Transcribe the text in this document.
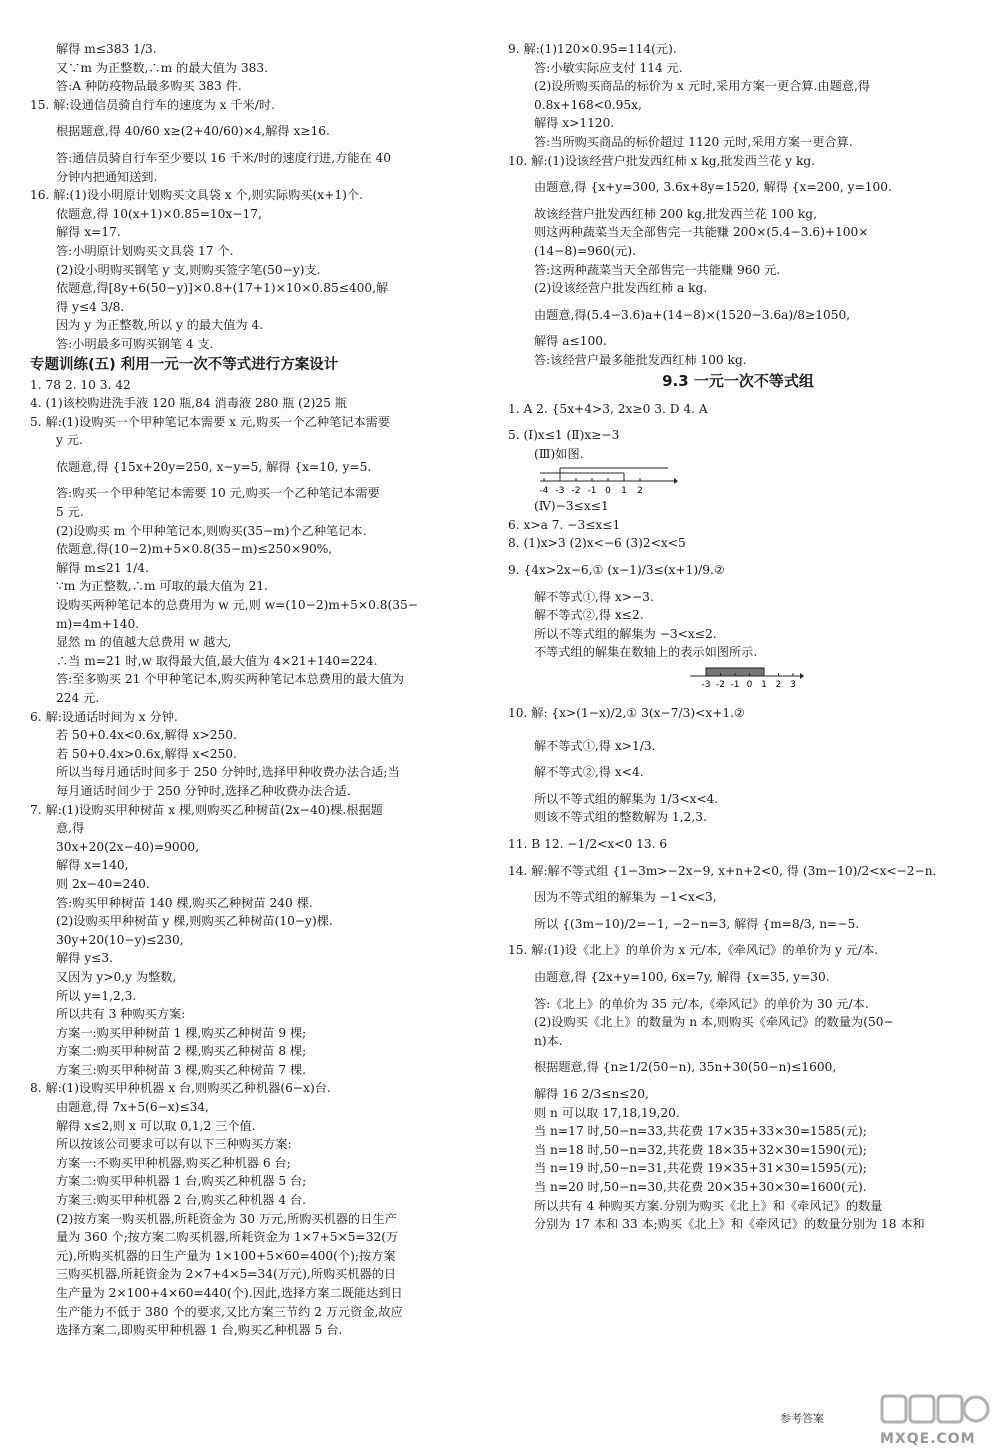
解得 m≤383 1/3.
又∵m 为正整数,∴m 的最大值为 383.
答:A 种防疫物品最多购买 383 件.
15. 解:设通信员骑自行车的速度为 x 千米/时.
根据题意,得 40/60 x≥(2+40/60)×4,解得 x≥16.
答:通信员骑自行车至少要以 16 千米/时的速度行进,方能在 40
分钟内把通知送到.
16. 解:(1)设小明原计划购买文具袋 x 个,则实际购买(x+1)个.
依题意,得 10(x+1)×0.85=10x−17,
解得 x=17.
答:小明原计划购买文具袋 17 个.
(2)设小明购买钢笔 y 支,则购买签字笔(50−y)支.
依题意,得[8y+6(50−y)]×0.8+(17+1)×10×0.85≤400,解
得 y≤4 3/8.
因为 y 为正整数,所以 y 的最大值为 4.
答:小明最多可购买钢笔 4 支.
专题训练(五) 利用一元一次不等式进行方案设计
1. 78 2. 10 3. 42
4. (1)该校购进洗手液 120 瓶,84 消毒液 280 瓶 (2)25 瓶
5. 解:(1)设购买一个甲种笔记本需要 x 元,购买一个乙种笔记本需要
y 元.
依题意,得 {15x+20y=250, x−y=5, 解得 {x=10, y=5.
答:购买一个甲种笔记本需要 10 元,购买一个乙种笔记本需要
5 元.
(2)设购买 m 个甲种笔记本,则购买(35−m)个乙种笔记本.
依题意,得(10−2)m+5×0.8(35−m)≤250×90%,
解得 m≤21 1/4.
∵m 为正整数,∴m 可取的最大值为 21.
设购买两种笔记本的总费用为 w 元,则 w=(10−2)m+5×0.8(35−
m)=4m+140.
显然 m 的值越大总费用 w 越大,
∴当 m=21 时,w 取得最大值,最大值为 4×21+140=224.
答:至多购买 21 个甲种笔记本,购买两种笔记本总费用的最大值为
224 元.
6. 解:设通话时间为 x 分钟.
若 50+0.4x<0.6x,解得 x>250.
若 50+0.4x>0.6x,解得 x<250.
所以当每月通话时间多于 250 分钟时,选择甲种收费办法合适;当
每月通话时间少于 250 分钟时,选择乙种收费办法合适.
7. 解:(1)设购买甲种树苗 x 棵,则购买乙种树苗(2x−40)棵.根据题
意,得
30x+20(2x−40)=9000,
解得 x=140,
则 2x−40=240.
答:购买甲种树苗 140 棵,购买乙种树苗 240 棵.
(2)设购买甲种树苗 y 棵,则购买乙种树苗(10−y)棵.
30y+20(10−y)≤230,
解得 y≤3.
又因为 y>0,y 为整数,
所以 y=1,2,3.
所以共有 3 种购买方案:
方案一:购买甲种树苗 1 棵,购买乙种树苗 9 棵;
方案二:购买甲种树苗 2 棵,购买乙种树苗 8 棵;
方案三:购买甲种树苗 3 棵,购买乙种树苗 7 棵.
8. 解:(1)设购买甲种机器 x 台,则购买乙种机器(6−x)台.
由题意,得 7x+5(6−x)≤34,
解得 x≤2,则 x 可以取 0,1,2 三个值.
所以按该公司要求可以有以下三种购买方案:
方案一:不购买甲种机器,购买乙种机器 6 台;
方案二:购买甲种机器 1 台,购买乙种机器 5 台;
方案三:购买甲种机器 2 台,购买乙种机器 4 台.
(2)按方案一购买机器,所耗资金为 30 万元,所购买机器的日生产
量为 360 个;按方案二购买机器,所耗资金为 1×7+5×5=32(万
元),所购买机器的日生产量为 1×100+5×60=400(个);按方案
三购买机器,所耗资金为 2×7+4×5=34(万元),所购买机器的日
生产量为 2×100+4×60=440(个).因此,选择方案二既能达到日
生产能力不低于 380 个的要求,又比方案三节约 2 万元资金,故应
选择方案二,即购买甲种机器 1 台,购买乙种机器 5 台.
9. 解:(1)120×0.95=114(元).
答:小敏实际应支付 114 元.
(2)设所购买商品的标价为 x 元时,采用方案一更合算.由题意,得
0.8x+168<0.95x,
解得 x>1120.
答:当所购买商品的标价超过 1120 元时,采用方案一更合算.
10. 解:(1)设该经营户批发西红柿 x kg,批发西兰花 y kg.
由题意,得 {x+y=300, 3.6x+8y=1520, 解得 {x=200, y=100.
故该经营户批发西红柿 200 kg,批发西兰花 100 kg,
则这两种蔬菜当天全部售完一共能赚 200×(5.4−3.6)+100×
(14−8)=960(元).
答:这两种蔬菜当天全部售完一共能赚 960 元.
(2)设该经营户批发西红柿 a kg.
由题意,得(5.4−3.6)a+(14−8)×(1520−3.6a)/8≥1050,
解得 a≤100.
答:该经营户最多能批发西红柿 100 kg.
9.3 一元一次不等式组
1. A 2. {5x+4>3, 2x≥0 3. D 4. A
5. (Ⅰ)x≤1 (Ⅱ)x≥−3
(Ⅲ)如图.
-4 -3 -2 -1 0 1 2
(Ⅳ)−3≤x≤1
6. x>a 7. −3≤x≤1
8. (1)x>3 (2)x<−6 (3)2<x<5
9. {4x>2x−6,① (x−1)/3≤(x+1)/9.②
解不等式①,得 x>−3.
解不等式②,得 x≤2.
所以不等式组的解集为 −3<x≤2.
不等式组的解集在数轴上的表示如图所示.
-3 -2 -1 0 1 2 3
10. 解: {x>(1−x)/2,① 3(x−7/3)<x+1.②
解不等式①,得 x>1/3.
解不等式②,得 x<4.
所以不等式组的解集为 1/3<x<4.
则该不等式组的整数解为 1,2,3.
11. B 12. −1/2<x<0 13. 6
14. 解:解不等式组 {1−3m>−2x−9, x+n+2<0, 得 (3m−10)/2<x<−2−n.
因为不等式组的解集为 −1<x<3,
所以 {(3m−10)/2=−1, −2−n=3, 解得 {m=8/3, n=−5.
15. 解:(1)设《北上》的单价为 x 元/本,《牵风记》的单价为 y 元/本.
由题意,得 {2x+y=100, 6x=7y, 解得 {x=35, y=30.
答:《北上》的单价为 35 元/本,《牵风记》的单价为 30 元/本.
(2)设购买《北上》的数量为 n 本,则购买《牵风记》的数量为(50−
n)本.
根据题意,得 {n≥1/2(50−n), 35n+30(50−n)≤1600,
解得 16 2/3≤n≤20,
则 n 可以取 17,18,19,20.
当 n=17 时,50−n=33,共花费 17×35+33×30=1585(元);
当 n=18 时,50−n=32,共花费 18×35+32×30=1590(元);
当 n=19 时,50−n=31,共花费 19×35+31×30=1595(元);
当 n=20 时,50−n=30,共花费 20×35+30×30=1600(元).
所以共有 4 种购买方案.分别为购买《北上》和《牵风记》的数量
分别为 17 本和 33 本;购买《北上》和《牵风记》的数量分别为 18 本和
参考答案
MXQE.COM
